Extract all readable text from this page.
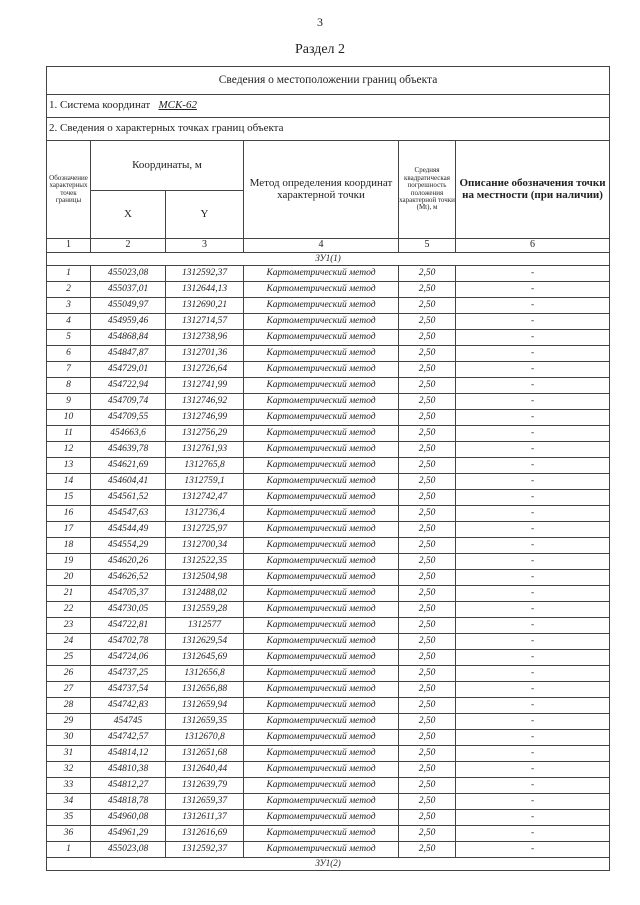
3
Раздел 2
Сведения о местоположении границ объекта					
1. Система координат МСК-62					
2. Сведения о характерных точках границ объекта					
Обозначение характерных точек границы	Координаты, м		Метод определения координат характерной точки	Средняя квадратическая погрешность положения характерной точки (Mt), м	Описание обозначения точки на местности (при наличии)
	X	Y			
1	2	3	4	5	6
ЗУ1(1)					
1	455023,08	1312592,37	Картометрический метод	2,50	-
2	455037,01	1312644,13	Картометрический метод	2,50	-
3	455049,97	1312690,21	Картометрический метод	2,50	-
4	454959,46	1312714,57	Картометрический метод	2,50	-
5	454868,84	1312738,96	Картометрический метод	2,50	-
6	454847,87	1312701,36	Картометрический метод	2,50	-
7	454729,01	1312726,64	Картометрический метод	2,50	-
8	454722,94	1312741,99	Картометрический метод	2,50	-
9	454709,74	1312746,92	Картометрический метод	2,50	-
10	454709,55	1312746,99	Картометрический метод	2,50	-
11	454663,6	1312756,29	Картометрический метод	2,50	-
12	454639,78	1312761,93	Картометрический метод	2,50	-
13	454621,69	1312765,8	Картометрический метод	2,50	-
14	454604,41	1312759,1	Картометрический метод	2,50	-
15	454561,52	1312742,47	Картометрический метод	2,50	-
16	454547,63	1312736,4	Картометрический метод	2,50	-
17	454544,49	1312725,97	Картометрический метод	2,50	-
18	454554,29	1312700,34	Картометрический метод	2,50	-
19	454620,26	1312522,35	Картометрический метод	2,50	-
20	454626,52	1312504,98	Картометрический метод	2,50	-
21	454705,37	1312488,02	Картометрический метод	2,50	-
22	454730,05	1312559,28	Картометрический метод	2,50	-
23	454722,81	1312577	Картометрический метод	2,50	-
24	454702,78	1312629,54	Картометрический метод	2,50	-
25	454724,06	1312645,69	Картометрический метод	2,50	-
26	454737,25	1312656,8	Картометрический метод	2,50	-
27	454737,54	1312656,88	Картометрический метод	2,50	-
28	454742,83	1312659,94	Картометрический метод	2,50	-
29	454745	1312659,35	Картометрический метод	2,50	-
30	454742,57	1312670,8	Картометрический метод	2,50	-
31	454814,12	1312651,68	Картометрический метод	2,50	-
32	454810,38	1312640,44	Картометрический метод	2,50	-
33	454812,27	1312639,79	Картометрический метод	2,50	-
34	454818,78	1312659,37	Картометрический метод	2,50	-
35	454960,08	1312611,37	Картометрический метод	2,50	-
36	454961,29	1312616,69	Картометрический метод	2,50	-
1	455023,08	1312592,37	Картометрический метод	2,50	-
ЗУ1(2)					
